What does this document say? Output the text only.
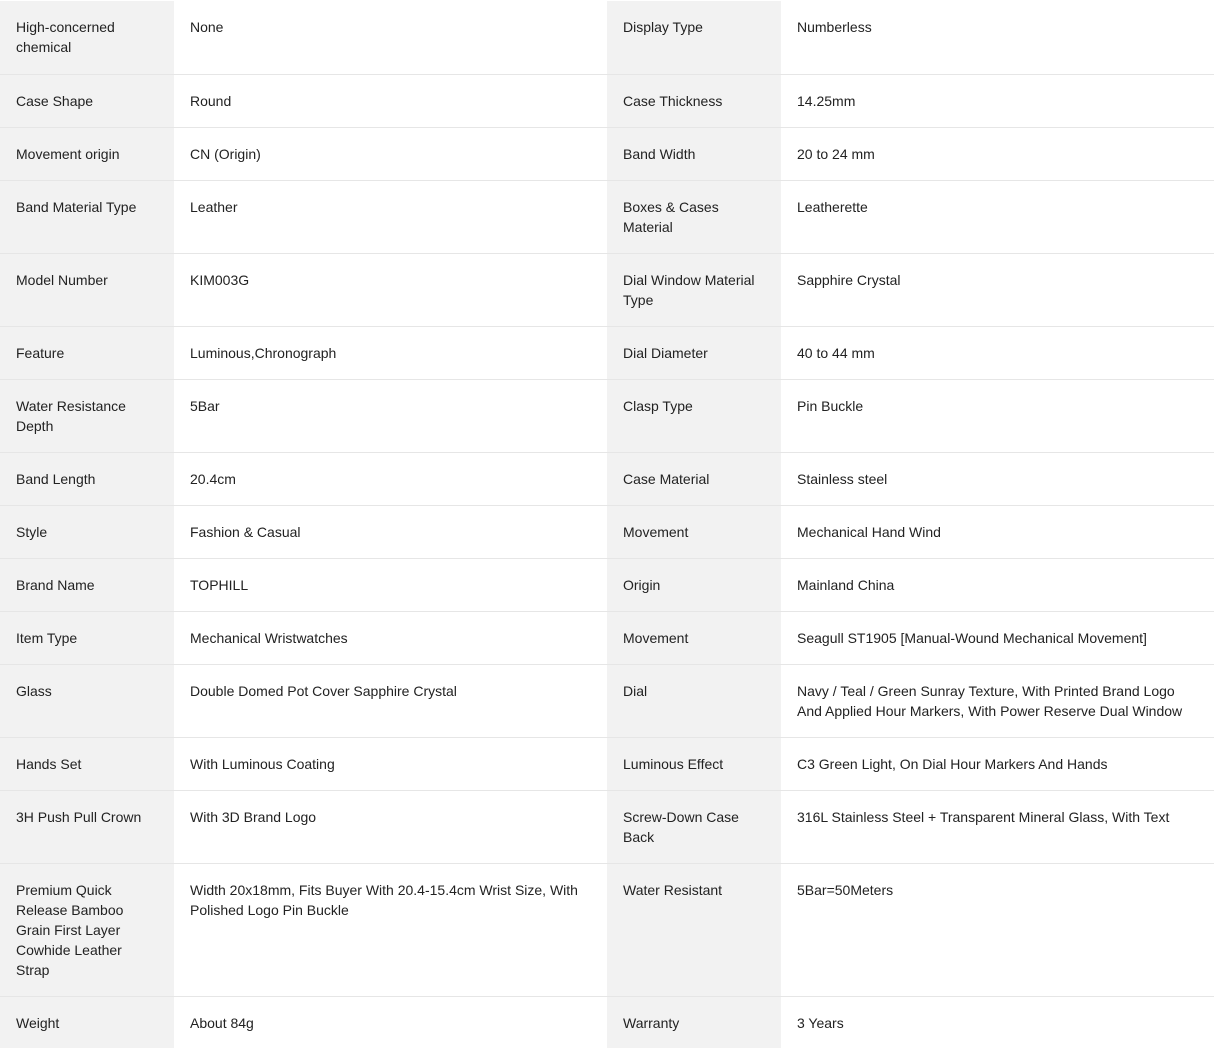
High-concerned chemical	None	Display Type	Numberless
Case Shape	Round	Case Thickness	14.25mm
Movement origin	CN (Origin)	Band Width	20 to 24 mm
Band Material Type	Leather	Boxes & Cases Material	Leatherette
Model Number	KIM003G	Dial Window Material Type	Sapphire Crystal
Feature	Luminous,Chronograph	Dial Diameter	40 to 44 mm
Water Resistance Depth	5Bar	Clasp Type	Pin Buckle
Band Length	20.4cm	Case Material	Stainless steel
Style	Fashion & Casual	Movement	Mechanical Hand Wind
Brand Name	TOPHILL	Origin	Mainland China
Item Type	Mechanical Wristwatches	Movement	Seagull ST1905 [Manual-Wound Mechanical Movement]
Glass	Double Domed Pot Cover Sapphire Crystal	Dial	Navy / Teal / Green Sunray Texture, With Printed Brand Logo And Applied Hour Markers, With Power Reserve Dual Window
Hands Set	With Luminous Coating	Luminous Effect	C3 Green Light, On Dial Hour Markers And Hands
3H Push Pull Crown	With 3D Brand Logo	Screw-Down Case Back	316L Stainless Steel + Transparent Mineral Glass, With Text
Premium Quick Release Bamboo Grain First Layer Cowhide Leather Strap	Width 20x18mm, Fits Buyer With 20.4-15.4cm Wrist Size, With Polished Logo Pin Buckle	Water Resistant	5Bar=50Meters
Weight	About 84g	Warranty	3 Years
